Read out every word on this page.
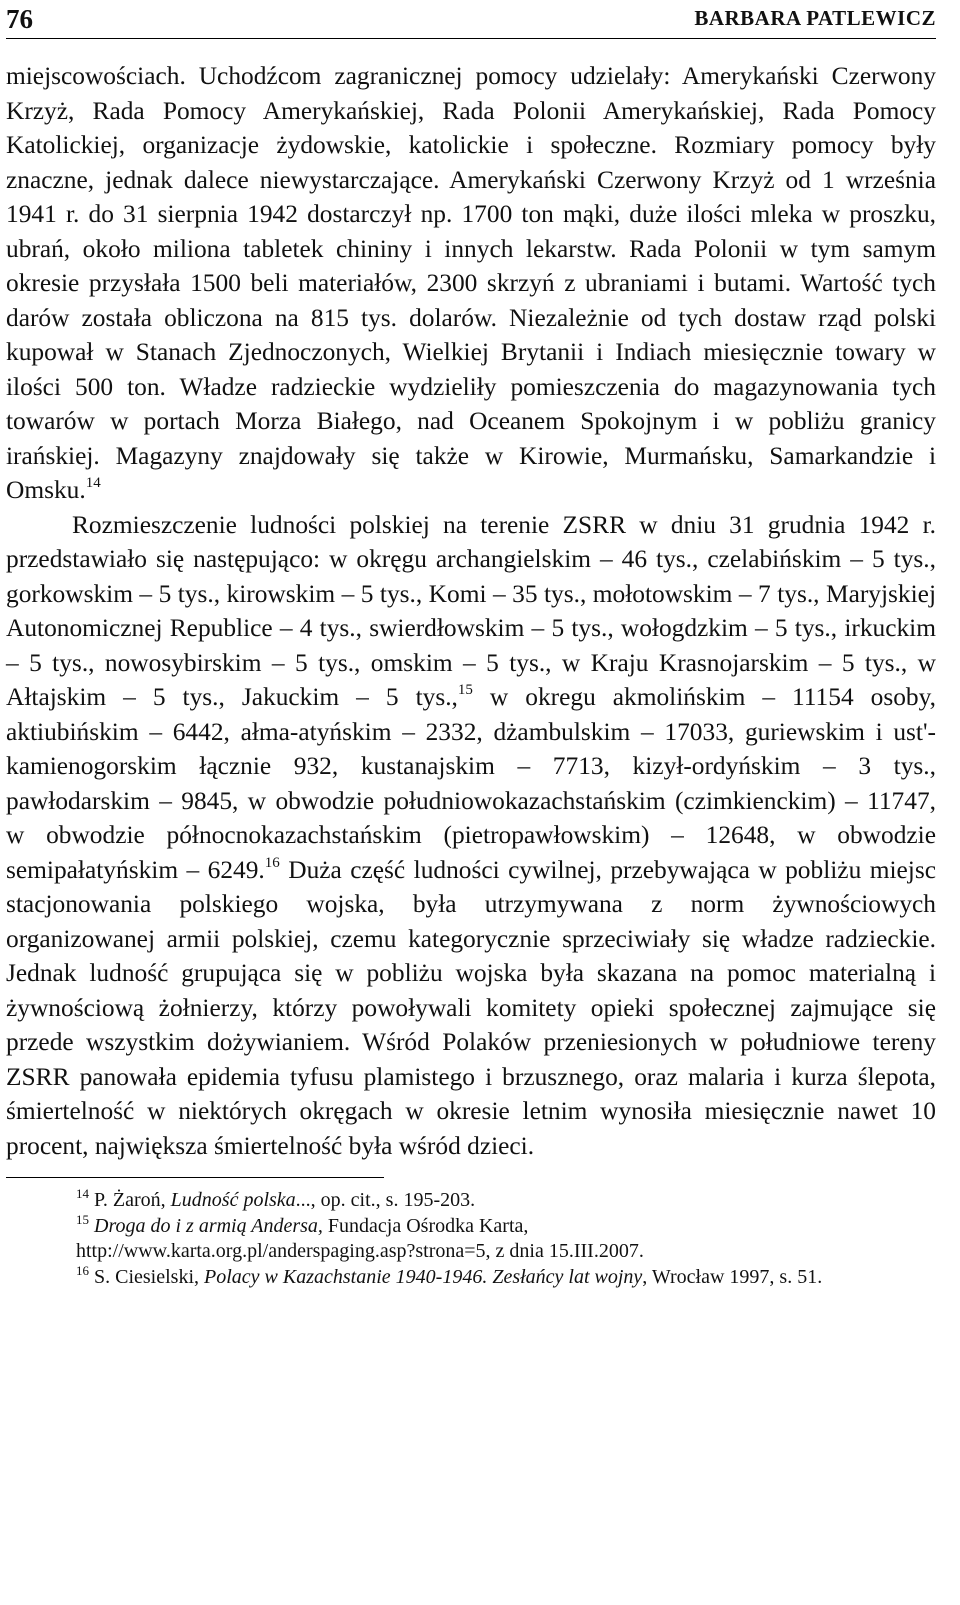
76	BARBARA PATLEWICZ

miejscowościach. Uchodźcom zagranicznej pomocy udzielały: Amerykański Czerwony Krzyż, Rada Pomocy Amerykańskiej, Rada Polonii Amerykańskiej, Rada Pomocy Katolickiej, organizacje żydowskie, katolickie i społeczne. Rozmiary pomocy były znaczne, jednak dalece niewystarczające. Amerykański Czerwony Krzyż od 1 września 1941 r. do 31 sierpnia 1942 dostarczył np. 1700 ton mąki, duże ilości mleka w proszku, ubrań, około miliona tabletek chininy i innych lekarstw. Rada Polonii w tym samym okresie przysłała 1500 beli materiałów, 2300 skrzyń z ubraniami i butami. Wartość tych darów została obliczona na 815 tys. dolarów. Niezależnie od tych dostaw rząd polski kupował w Stanach Zjednoczonych, Wielkiej Brytanii i Indiach miesięcznie towary w ilości 500 ton. Władze radzieckie wydzieliły pomieszczenia do magazynowania tych towarów w portach Morza Białego, nad Oceanem Spokojnym i w pobliżu granicy irańskiej. Magazyny znajdowały się także w Kirowie, Murmańsku, Samarkandzie i Omsku.$^{14}$

Rozmieszczenie ludności polskiej na terenie ZSRR w dniu 31 grudnia 1942 r. przedstawiało się następująco: w okręgu archangielskim – 46 tys., czelabińskim – 5 tys., gorkowskim – 5 tys., kirowskim – 5 tys., Komi – 35 tys., mołotowskim – 7 tys., Maryjskiej Autonomicznej Republice – 4 tys., swierdłowskim – 5 tys., wołogdzkim – 5 tys., irkuckim – 5 tys., nowosybirskim – 5 tys., omskim – 5 tys., w Kraju Krasnojarskim – 5 tys., w Ałtajskim – 5 tys., Jakuckim – 5 tys.,$^{15}$ w okregu akmolińskim – 11154 osoby, aktiubińskim – 6442, ałma-atyńskim – 2332, dżambulskim – 17033, guriewskim i ust'-kamienogorskim łącznie 932, kustanajskim – 7713, kizył-ordyńskim – 3 tys., pawłodarskim – 9845, w obwodzie południowokazachstańskim (czimkienckim) – 11747, w obwodzie północnokazachstańskim (pietropawłowskim) – 12648, w obwodzie semipałatyńskim – 6249.16 Duża część ludności cywilnej, przebywająca w pobliżu miejsc stacjonowania polskiego wojska, była utrzymywana z norm żywnościowych organizowanej armii polskiej, czemu kategorycznie sprzeciwiały się władze radzieckie. Jednak ludność grupująca się w pobliżu wojska była skazana na pomoc materialną i żywnościową żołnierzy, którzy powoływali komitety opieki społecznej zajmujące się przede wszystkim dożywianiem. Wśród Polaków przeniesionych w południowe tereny ZSRR panowała epidemia tyfusu plamistego i brzusznego, oraz malaria i kurza ślepota, śmiertelność w niektórych okręgach w okresie letnim wynosiła miesięcznie nawet 10 procent, największa śmiertelność była wśród dzieci.

$^{14}$ P. Żaroń, Ludność polska..., op. cit., s. 195-203.

$^{15}$ Droga do i z armią Andersa, Fundacja Ośrodka Karta,

http://www.karta.org.pl/anderspaging.asp?strona=5, z dnia 15.III.2007.

$^{16}$ S. Ciesielski, Polacy w Kazachstanie 1940-1946. Zesłańcy lat wojny, Wrocław 1997, s. 51.
